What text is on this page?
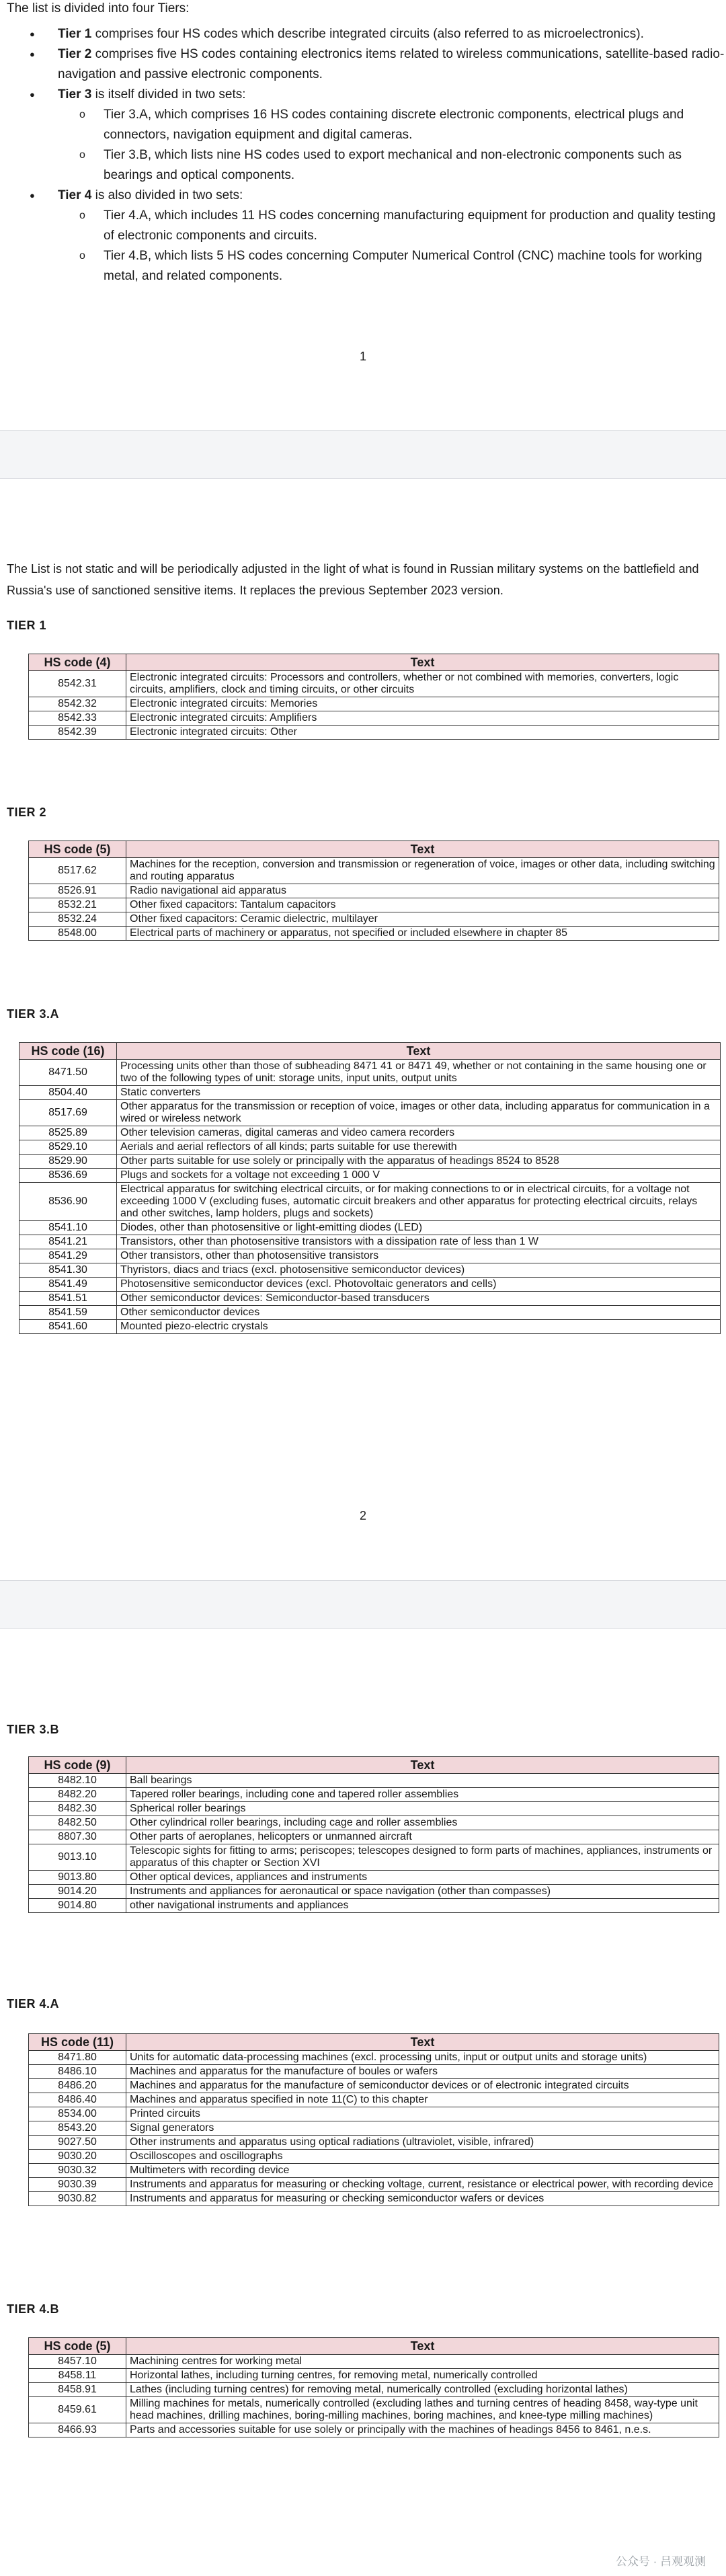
The list is divided into four Tiers:
● Tier 1 comprises four HS codes which describe integrated circuits (also referred to as microelectronics).
● Tier 2 comprises five HS codes containing electronics items related to wireless communications, satellite-based radio-navigation and passive electronic components.
● Tier 3 is itself divided in two sets:
o Tier 3.A, which comprises 16 HS codes containing discrete electronic components, electrical plugs and connectors, navigation equipment and digital cameras.
o Tier 3.B, which lists nine HS codes used to export mechanical and non-electronic components such as bearings and optical components.
● Tier 4 is also divided in two sets:
o Tier 4.A, which includes 11 HS codes concerning manufacturing equipment for production and quality testing of electronic components and circuits.
o Tier 4.B, which lists 5 HS codes concerning Computer Numerical Control (CNC) machine tools for working metal, and related components.
1
The List is not static and will be periodically adjusted in the light of what is found in Russian military systems on the battlefield and Russia's use of sanctioned sensitive items. It replaces the previous September 2023 version.
TIER 1
HS code (4)	Text
8542.31	Electronic integrated circuits: Processors and controllers, whether or not combined with memories, converters, logic circuits, amplifiers, clock and timing circuits, or other circuits
8542.32	Electronic integrated circuits: Memories
8542.33	Electronic integrated circuits: Amplifiers
8542.39	Electronic integrated circuits: Other
TIER 2
HS code (5)	Text
8517.62	Machines for the reception, conversion and transmission or regeneration of voice, images or other data, including switching and routing apparatus
8526.91	Radio navigational aid apparatus
8532.21	Other fixed capacitors: Tantalum capacitors
8532.24	Other fixed capacitors: Ceramic dielectric, multilayer
8548.00	Electrical parts of machinery or apparatus, not specified or included elsewhere in chapter 85
TIER 3.A
HS code (16)	Text
8471.50	Processing units other than those of subheading 8471 41 or 8471 49, whether or not containing in the same housing one or two of the following types of unit: storage units, input units, output units
8504.40	Static converters
8517.69	Other apparatus for the transmission or reception of voice, images or other data, including apparatus for communication in a wired or wireless network
8525.89	Other television cameras, digital cameras and video camera recorders
8529.10	Aerials and aerial reflectors of all kinds; parts suitable for use therewith
8529.90	Other parts suitable for use solely or principally with the apparatus of headings 8524 to 8528
8536.69	Plugs and sockets for a voltage not exceeding 1 000 V
8536.90	Electrical apparatus for switching electrical circuits, or for making connections to or in electrical circuits, for a voltage not exceeding 1000 V (excluding fuses, automatic circuit breakers and other apparatus for protecting electrical circuits, relays and other switches, lamp holders, plugs and sockets)
8541.10	Diodes, other than photosensitive or light-emitting diodes (LED)
8541.21	Transistors, other than photosensitive transistors with a dissipation rate of less than 1 W
8541.29	Other transistors, other than photosensitive transistors
8541.30	Thyristors, diacs and triacs (excl. photosensitive semiconductor devices)
8541.49	Photosensitive semiconductor devices (excl. Photovoltaic generators and cells)
8541.51	Other semiconductor devices: Semiconductor-based transducers
8541.59	Other semiconductor devices
8541.60	Mounted piezo-electric crystals
2
TIER 3.B
HS code (9)	Text
8482.10	Ball bearings
8482.20	Tapered roller bearings, including cone and tapered roller assemblies
8482.30	Spherical roller bearings
8482.50	Other cylindrical roller bearings, including cage and roller assemblies
8807.30	Other parts of aeroplanes, helicopters or unmanned aircraft
9013.10	Telescopic sights for fitting to arms; periscopes; telescopes designed to form parts of machines, appliances, instruments or apparatus of this chapter or Section XVI
9013.80	Other optical devices, appliances and instruments
9014.20	Instruments and appliances for aeronautical or space navigation (other than compasses)
9014.80	other navigational instruments and appliances
TIER 4.A
HS code (11)	Text
8471.80	Units for automatic data-processing machines (excl. processing units, input or output units and storage units)
8486.10	Machines and apparatus for the manufacture of boules or wafers
8486.20	Machines and apparatus for the manufacture of semiconductor devices or of electronic integrated circuits
8486.40	Machines and apparatus specified in note 11(C) to this chapter
8534.00	Printed circuits
8543.20	Signal generators
9027.50	Other instruments and apparatus using optical radiations (ultraviolet, visible, infrared)
9030.20	Oscilloscopes and oscillographs
9030.32	Multimeters with recording device
9030.39	Instruments and apparatus for measuring or checking voltage, current, resistance or electrical power, with recording device
9030.82	Instruments and apparatus for measuring or checking semiconductor wafers or devices
TIER 4.B
HS code (5)	Text
8457.10	Machining centres for working metal
8458.11	Horizontal lathes, including turning centres, for removing metal, numerically controlled
8458.91	Lathes (including turning centres) for removing metal, numerically controlled (excluding horizontal lathes)
8459.61	Milling machines for metals, numerically controlled (excluding lathes and turning centres of heading 8458, way-type unit head machines, drilling machines, boring-milling machines, boring machines, and knee-type milling machines)
8466.93	Parts and accessories suitable for use solely or principally with the machines of headings 8456 to 8461, n.e.s.
公众号 · 吕观观测
